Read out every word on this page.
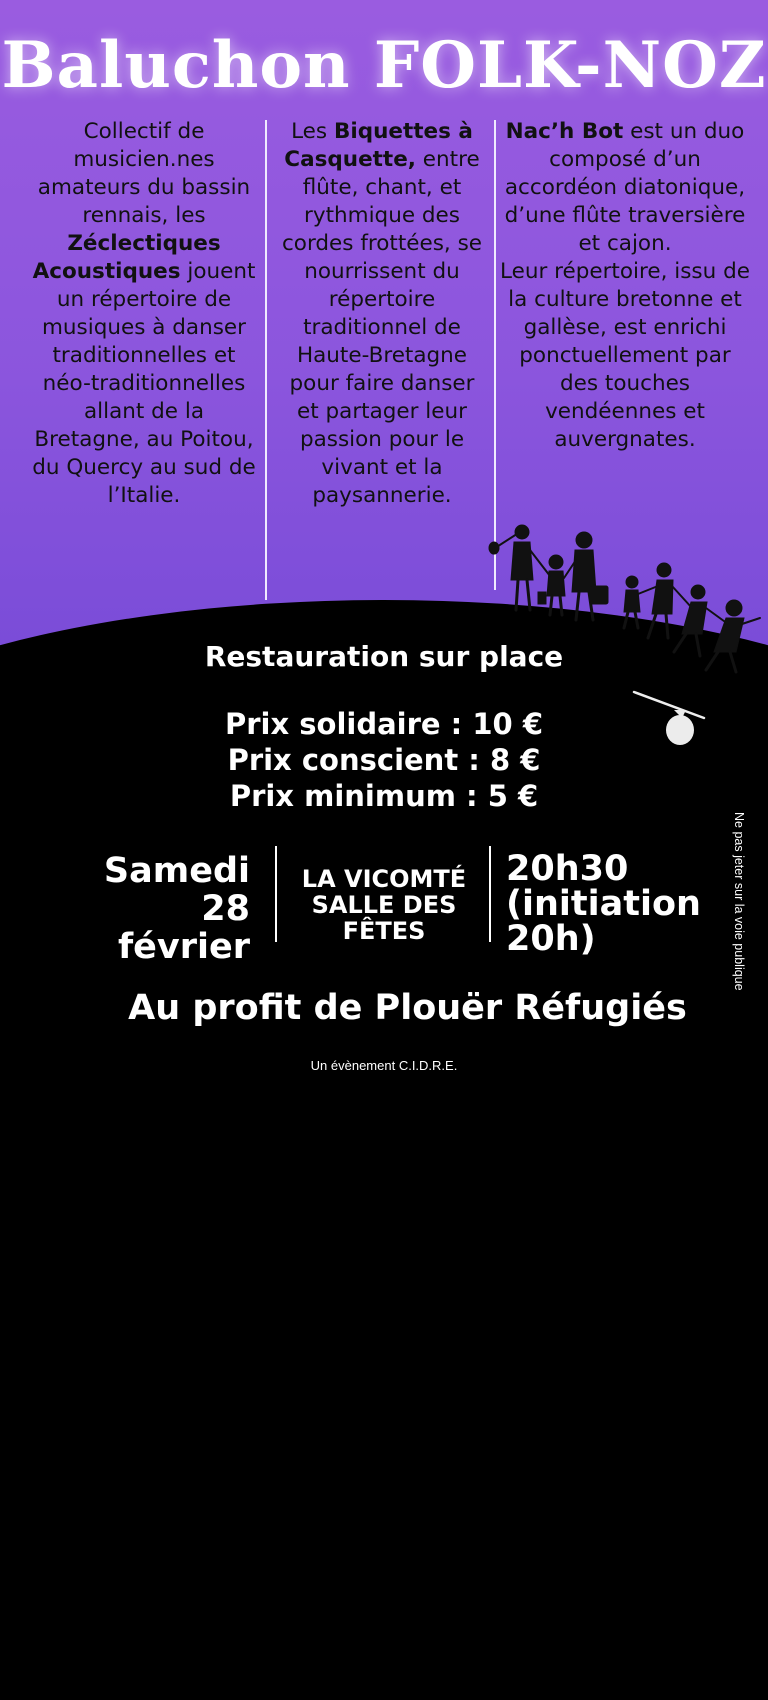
Baluchon FOLK-NOZ
Collectif de musicien.nes amateurs du bassin rennais, les Zéclectiques Acoustiques jouent un répertoire de musiques à danser traditionnelles et néo-traditionnelles allant de la Bretagne, au Poitou, du Quercy au sud de l’Italie.
Les Biquettes à Casquette, entre flûte, chant, et rythmique des cordes frottées, se nourrissent du répertoire traditionnel de Haute-Bretagne pour faire danser et partager leur passion pour le vivant et la paysannerie.
Nac’h Bot est un duo composé d’un accordéon diatonique, d’une flûte traversière et cajon.
Leur répertoire, issu de la culture bretonne et gallèse, est enrichi ponctuellement par des touches vendéennes et auvergnates.
Restauration sur place
Prix solidaire : 10 €
Prix conscient : 8 €
Prix minimum : 5 €
Samedi
28
février
LA VICOMTÉ
SALLE DES
FÊTES
20h30
(initiation
20h)
Au profit de Plouër Réfugiés
Un évènement C.I.D.R.E.
Ne pas jeter sur la voie publique
